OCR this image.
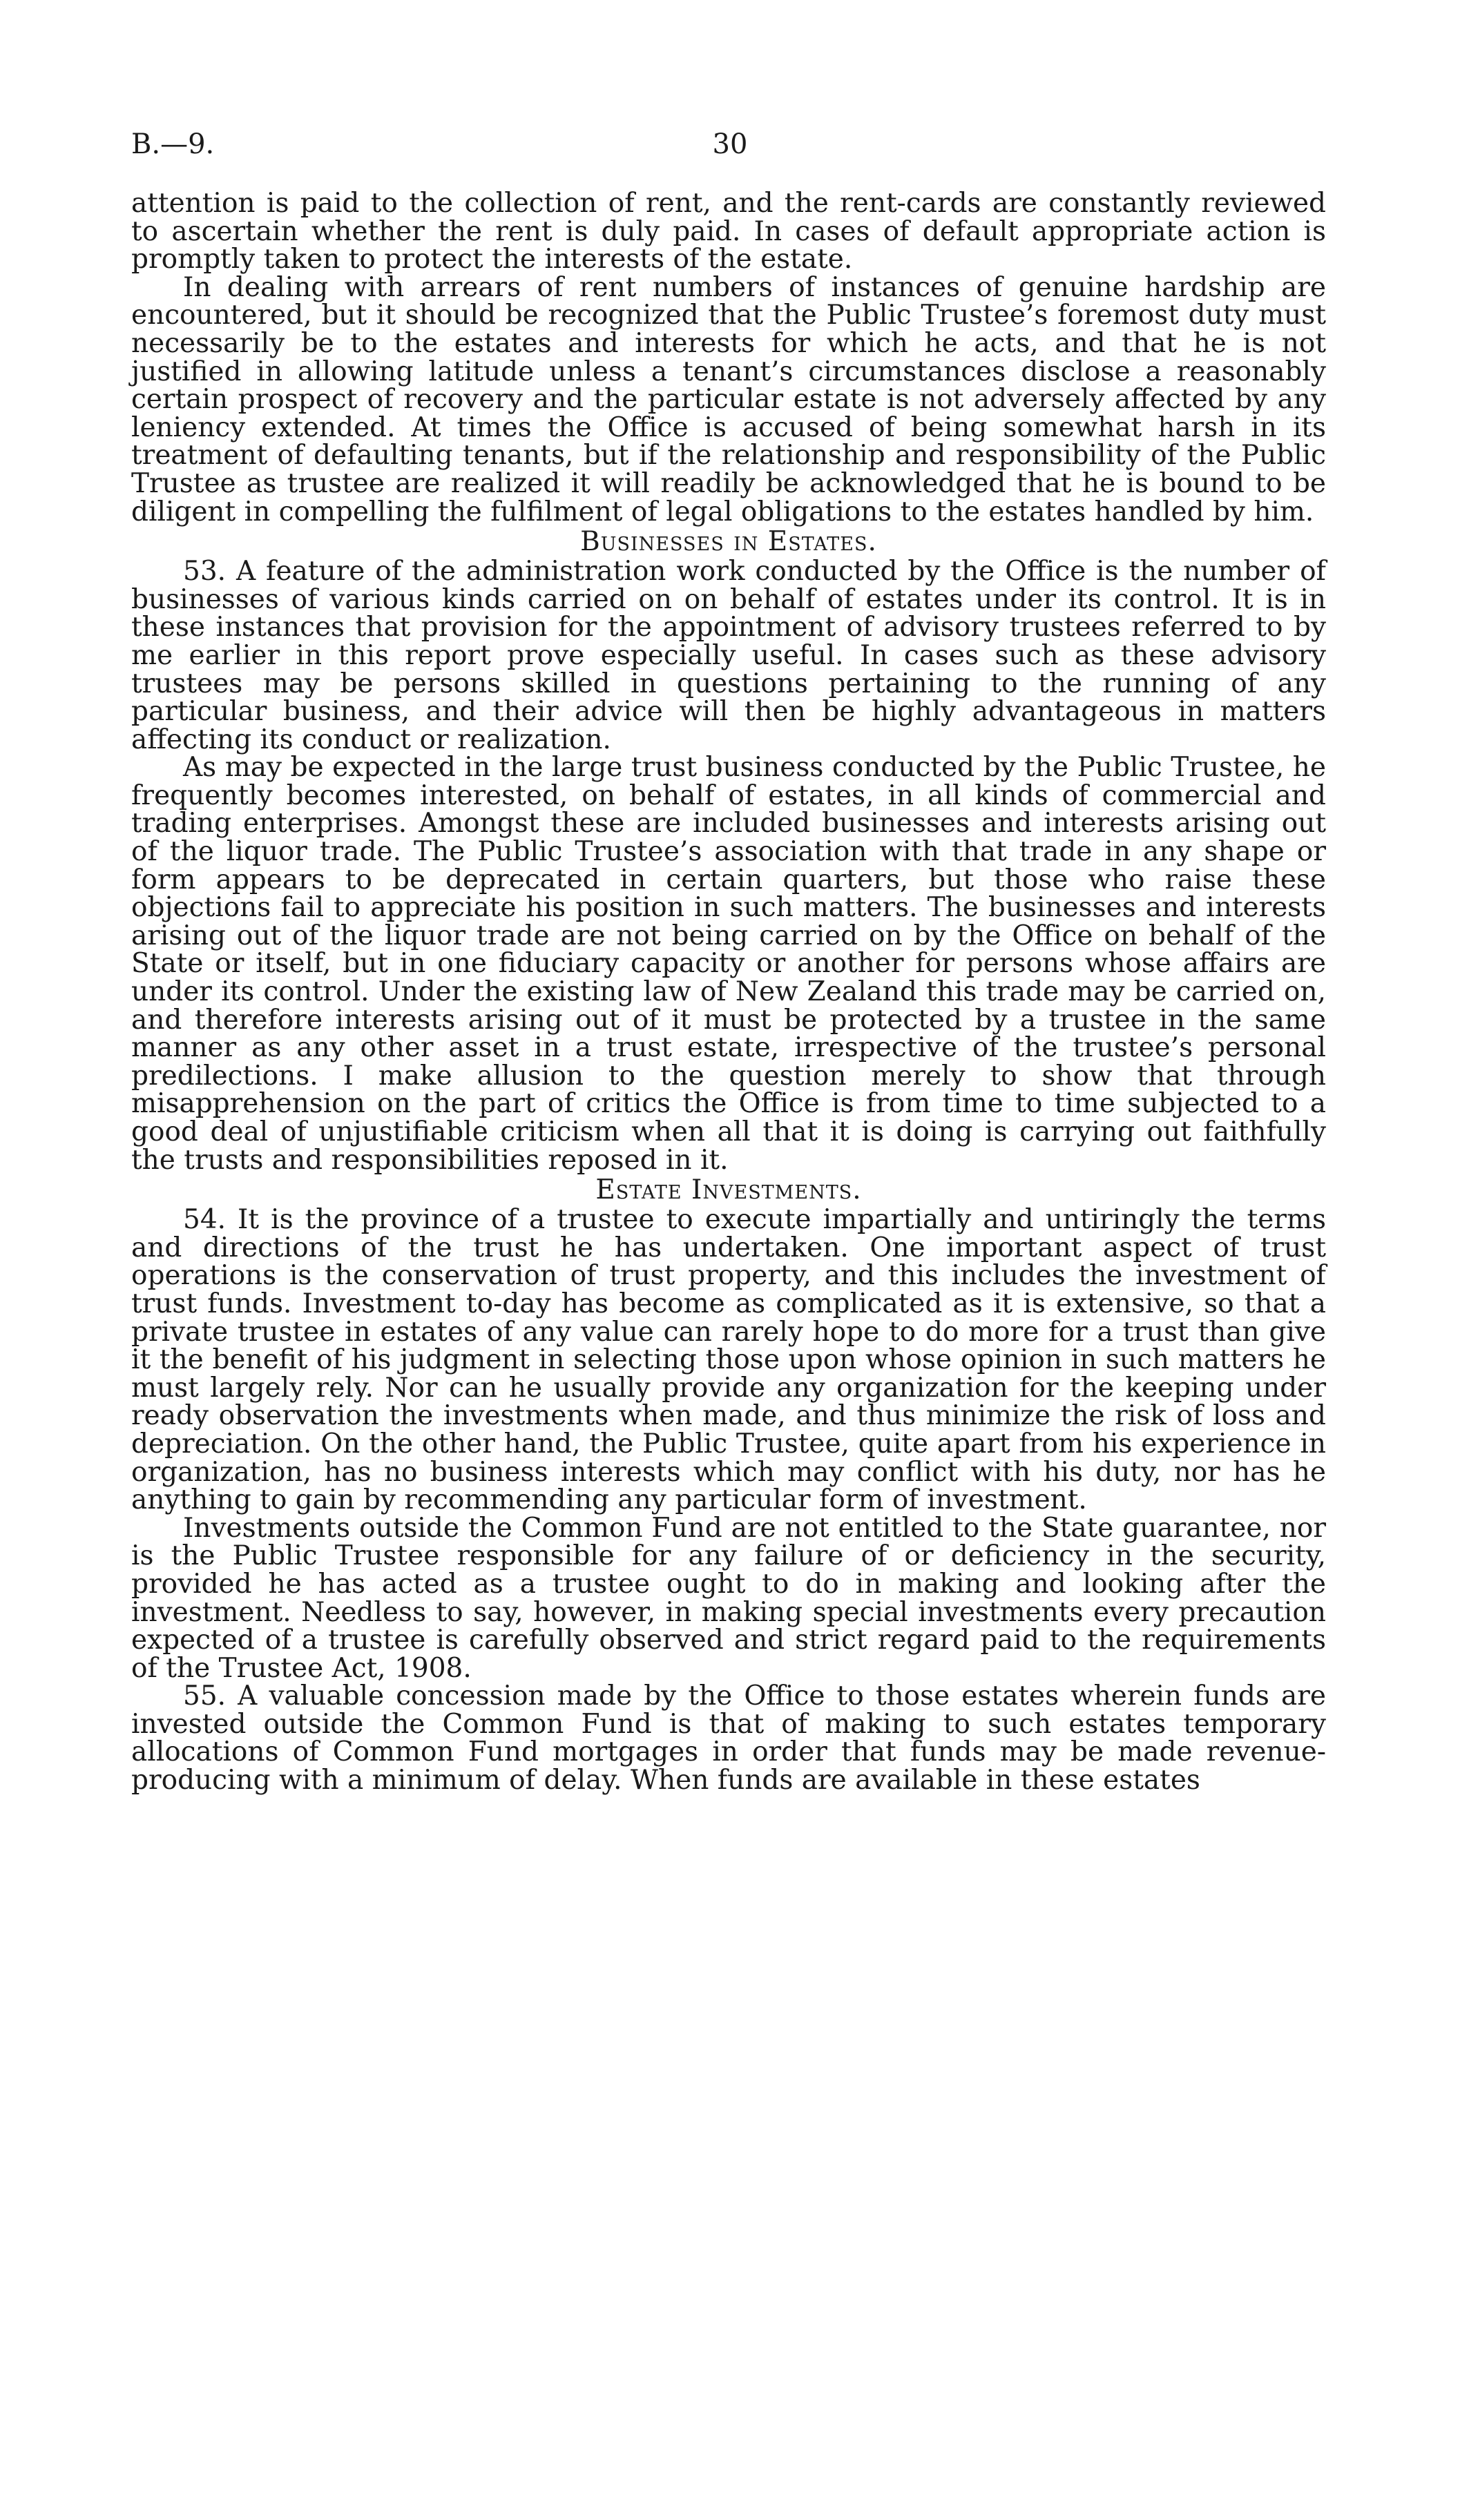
B.—9.	30

attention is paid to the collection of rent, and the rent-cards are constantly reviewed to ascertain whether the rent is duly paid. In cases of default appropriate action is promptly taken to protect the interests of the estate.

In dealing with arrears of rent numbers of instances of genuine hardship are encountered, but it should be recognized that the Public Trustee’s foremost duty must necessarily be to the estates and interests for which he acts, and that he is not justified in allowing latitude unless a tenant’s circumstances disclose a reasonably certain prospect of recovery and the particular estate is not adversely affected by any leniency extended. At times the Office is accused of being somewhat harsh in its treatment of defaulting tenants, but if the relationship and responsibility of the Public Trustee as trustee are realized it will readily be acknowledged that he is bound to be diligent in compelling the fulfilment of legal obligations to the estates handled by him.

Businesses in Estates.

53. A feature of the administration work conducted by the Office is the number of businesses of various kinds carried on on behalf of estates under its control. It is in these instances that provision for the appointment of advisory trustees referred to by me earlier in this report prove especially useful. In cases such as these advisory trustees may be persons skilled in questions pertaining to the running of any particular business, and their advice will then be highly advantageous in matters affecting its conduct or realization.

As may be expected in the large trust business conducted by the Public Trustee, he frequently becomes interested, on behalf of estates, in all kinds of commercial and trading enterprises. Amongst these are included businesses and interests arising out of the liquor trade. The Public Trustee’s association with that trade in any shape or form appears to be deprecated in certain quarters, but those who raise these objections fail to appreciate his position in such matters. The businesses and interests arising out of the liquor trade are not being carried on by the Office on behalf of the State or itself, but in one fiduciary capacity or another for persons whose affairs are under its control. Under the existing law of New Zealand this trade may be carried on, and therefore interests arising out of it must be protected by a trustee in the same manner as any other asset in a trust estate, irrespective of the trustee’s personal predilections. I make allusion to the question merely to show that through misapprehension on the part of critics the Office is from time to time subjected to a good deal of unjustifiable criticism when all that it is doing is carrying out faithfully the trusts and responsibilities reposed in it.

Estate Investments.

54. It is the province of a trustee to execute impartially and untiringly the terms and directions of the trust he has undertaken. One important aspect of trust operations is the conservation of trust property, and this includes the investment of trust funds. Investment to-day has become as complicated as it is extensive, so that a private trustee in estates of any value can rarely hope to do more for a trust than give it the benefit of his judgment in selecting those upon whose opinion in such matters he must largely rely. Nor can he usually provide any organization for the keeping under ready observation the investments when made, and thus minimize the risk of loss and depreciation. On the other hand, the Public Trustee, quite apart from his experience in organization, has no business interests which may conflict with his duty, nor has he anything to gain by recommending any particular form of investment.

Investments outside the Common Fund are not entitled to the State guarantee, nor is the Public Trustee responsible for any failure of or deficiency in the security, provided he has acted as a trustee ought to do in making and looking after the investment. Needless to say, however, in making special investments every precaution expected of a trustee is carefully observed and strict regard paid to the requirements of the Trustee Act, 1908.

55. A valuable concession made by the Office to those estates wherein funds are invested outside the Common Fund is that of making to such estates temporary allocations of Common Fund mortgages in order that funds may be made revenue-producing with a minimum of delay. When funds are available in these estates
